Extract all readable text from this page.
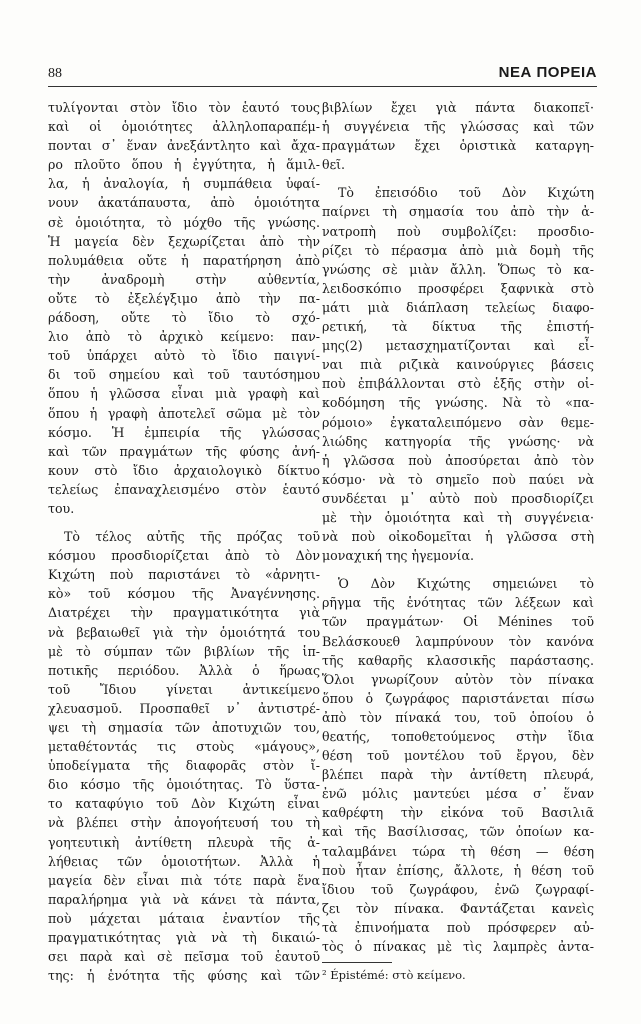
88	ΝΕΑ ΠΟΡΕΙΑ
τυλίγονται στὸν ἴδιο τὸν ἑαυτό τους
καὶ οἱ ὁμοιότητες ἀλληλοπαραπέμ-
πονται σ᾽ ἕναν ἀνεξάντλητο καὶ ἄχα-
ρο πλοῦτο ὅπου ἡ ἐγγύτητα, ἡ ἅμιλ-
λα, ἡ ἀναλογία, ἡ συμπάθεια ὑφαί-
νουν ἀκατάπαυστα, ἀπὸ ὁμοιότητα
σὲ ὁμοιότητα, τὸ μόχθο τῆς γνώσης.
Ἡ μαγεία δὲν ξεχωρίζεται ἀπὸ τὴν
πολυμάθεια οὔτε ἡ παρατήρηση ἀπὸ
τὴν ἀναδρομὴ στὴν αὐθεντία,
οὔτε τὸ ἐξελέγξιμο ἀπὸ τὴν πα-
ράδοση, οὔτε τὸ ἴδιο τὸ σχό-
λιο ἀπὸ τὸ ἀρχικὸ κείμενο: παν-
τοῦ ὑπάρχει αὐτὸ τὸ ἴδιο παιγνί-
δι τοῦ σημείου καὶ τοῦ ταυτόσημου
ὅπου ἡ γλῶσσα εἶναι μιὰ γραφὴ καὶ
ὅπου ἡ γραφὴ ἀποτελεῖ σῶμα μὲ τὸν
κόσμο. Ἡ ἐμπειρία τῆς γλώσσας
καὶ τῶν πραγμάτων τῆς φύσης ἀνή-
κουν στὸ ἴδιο ἀρχαιολογικὸ δίκτυο
τελείως ἐπαναχλεισμένο στὸν ἑαυτό
του.
Τὸ τέλος αὐτῆς τῆς πρόζας τοῦ
κόσμου προσδιορίζεται ἀπὸ τὸ Δὸν
Κιχώτη ποὺ παριστάνει τὸ «ἀρνητι-
κὸ» τοῦ κόσμου τῆς Ἀναγέννησης.
Διατρέχει τὴν πραγματικότητα γιὰ
νὰ βεβαιωθεῖ γιὰ τὴν ὁμοιότητά του
μὲ τὸ σύμπαν τῶν βιβλίων τῆς ἱπ-
ποτικῆς περιόδου. Ἀλλὰ ὁ ἥρωας
τοῦ Ἴδιου γίνεται ἀντικείμενο
χλευασμοῦ. Προσπαθεῖ ν᾽ ἀντιστρέ-
ψει τὴ σημασία τῶν ἀποτυχιῶν του,
μεταθέτοντάς τις στοὺς «μάγους»,
ὑποδείγματα τῆς διαφορᾶς στὸν ἴ-
διο κόσμο τῆς ὁμοιότητας. Τὸ ὕστα-
το καταφύγιο τοῦ Δὸν Κιχώτη εἶναι
νὰ βλέπει στὴν ἀπογοήτευσή του τὴ
γοητευτικὴ ἀντίθετη πλευρὰ τῆς ἀ-
λήθειας τῶν ὁμοιοτήτων. Ἀλλὰ ἡ
μαγεία δὲν εἶναι πιὰ τότε παρὰ ἕνα
παραλήρημα γιὰ νὰ κάνει τὰ πάντα,
ποὺ μάχεται μάταια ἐναντίον τῆς
πραγματικότητας γιὰ νὰ τὴ δικαιώ-
σει παρὰ καὶ σὲ πεῖσμα τοῦ ἑαυτοῦ
της: ἡ ἑνότητα τῆς φύσης καὶ τῶν
βιβλίων ἔχει γιὰ πάντα διακοπεῖ·
ἡ συγγένεια τῆς γλώσσας καὶ τῶν
πραγμάτων ἔχει ὁριστικὰ καταργη-
θεῖ.
Τὸ ἐπεισόδιο τοῦ Δὸν Κιχώτη
παίρνει τὴ σημασία του ἀπὸ τὴν ἀ-
νατροπὴ ποὺ συμβολίζει: προσδιο-
ρίζει τὸ πέρασμα ἀπὸ μιὰ δομὴ τῆς
γνώσης σὲ μιὰν ἄλλη. Ὅπως τὸ κα-
λειδοσκόπιο προσφέρει ξαφνικὰ στὸ
μάτι μιὰ διάπλαση τελείως διαφο-
ρετική, τὰ δίκτυα τῆς ἐπιστή-
μης(2) μετασχηματίζονται καὶ εἶ-
ναι πιὰ ριζικὰ καινούργιες βάσεις
ποὺ ἐπιβάλλονται στὸ ἑξῆς στὴν οἰ-
κοδόμηση τῆς γνώσης. Νὰ τὸ «πα-
ρόμοιο» ἐγκαταλειπόμενο σὰν θεμε-
λιώδης κατηγορία τῆς γνώσης· νὰ
ἡ γλῶσσα ποὺ ἀποσύρεται ἀπὸ τὸν
κόσμο· νὰ τὸ σημεῖο ποὺ παύει νὰ
συνδέεται μ᾽ αὐτὸ ποὺ προσδιορίζει
μὲ τὴν ὁμοιότητα καὶ τὴ συγγένεια·
νὰ ποὺ οἰκοδομεῖται ἡ γλῶσσα στὴ
μοναχική της ἡγεμονία.
Ὁ Δὸν Κιχώτης σημειώνει τὸ
ρῆγμα τῆς ἑνότητας τῶν λέξεων καὶ
τῶν πραγμάτων· Οἱ Ménines τοῦ
Βελάσκουεθ λαμπρύνουν τὸν κανόνα
τῆς καθαρῆς κλασσικῆς παράστασης.
Ὅλοι γνωρίζουν αὐτὸν τὸν πίνακα
ὅπου ὁ ζωγράφος παριστάνεται πίσω
ἀπὸ τὸν πίνακά του, τοῦ ὁποίου ὁ
θεατής, τοποθετούμενος στὴν ἴδια
θέση τοῦ μοντέλου τοῦ ἔργου, δὲν
βλέπει παρὰ τὴν ἀντίθετη πλευρά,
ἐνῶ μόλις μαντεύει μέσα σ᾽ ἕναν
καθρέφτη τὴν εἰκόνα τοῦ Βασιλιᾶ
καὶ τῆς Βασίλισσας, τῶν ὁποίων κα-
ταλαμβάνει τώρα τὴ θέση — θέση
ποὺ ἦταν ἐπίσης, ἄλλοτε, ἡ θέση τοῦ
ἴδιου τοῦ ζωγράφου, ἐνῶ ζωγραφί-
ζει τὸν πίνακα. Φαντάζεται κανεὶς
τὰ ἐπινοήματα ποὺ πρόσφερεν αὐ-
τὸς ὁ πίνακας μὲ τὶς λαμπρὲς ἀντα-
² Épistémé: στὸ κείμενο.
